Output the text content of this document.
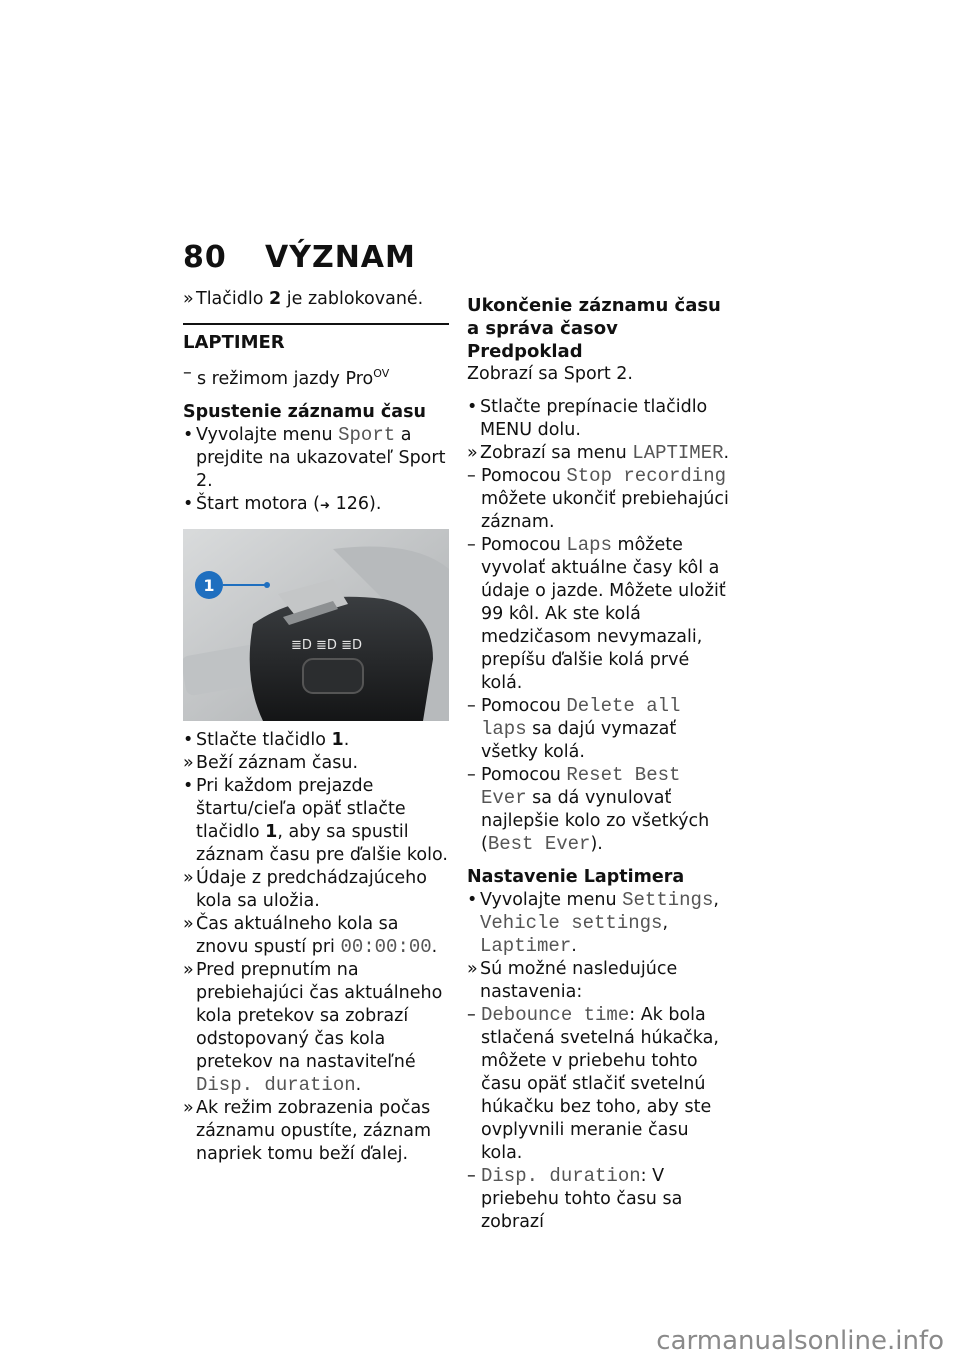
80 VÝZNAM

» Tlačidlo 2 je zablokované.

LAPTIMER

– s režimom jazdy Pro$^{OV}$

Spustenie záznamu času

• Vyvolajte menu Sport a prejdite na ukazovateľ Sport 2.

• Štart motora (➜ 126).

≣D ≣D ≣D
1

• Stlačte tlačidlo 1.

» Beží záznam času.

• Pri každom prejazde štartu/cieľa opäť stlačte tlačidlo 1, aby sa spustil záznam času pre ďalšie kolo.

» Údaje z predchádzajúceho kola sa uložia.

» Čas aktuálneho kola sa znovu spustí pri 00:00:00.

» Pred prepnutím na prebiehajúci čas aktuálneho kola pretekov sa zobrazí odstopovaný čas kola pretekov na nastaviteľné Disp. duration.

» Ak režim zobrazenia počas záznamu opustíte, záznam napriek tomu beží ďalej.

Ukončenie záznamu času
a správa časov
Predpoklad
Zobrazí sa Sport 2.

• Stlačte prepínacie tlačidlo MENU dolu.

» Zobrazí sa menu LAPTIMER.

– Pomocou Stop recording môžete ukončiť prebiehajúci záznam.

– Pomocou Laps môžete vyvolať aktuálne časy kôl a údaje o jazde. Môžete uložiť 99 kôl. Ak ste kolá medzičasom nevymazali, prepíšu ďalšie kolá prvé kolá.

– Pomocou Delete all laps sa dajú vymazať všetky kolá.

– Pomocou Reset Best Ever sa dá vynulovať najlepšie kolo zo všetkých (Best Ever).

Nastavenie Laptimera

• Vyvolajte menu Settings, Vehicle settings, Laptimer.

» Sú možné nasledujúce nastavenia:

– Debounce time: Ak bola stlačená svetelná húkačka, môžete v priebehu tohto času opäť stlačiť svetelnú húkačku bez toho, aby ste ovplyvnili meranie času kola.

– Disp. duration: V priebehu tohto času sa zobrazí

carmanualsonline.info
